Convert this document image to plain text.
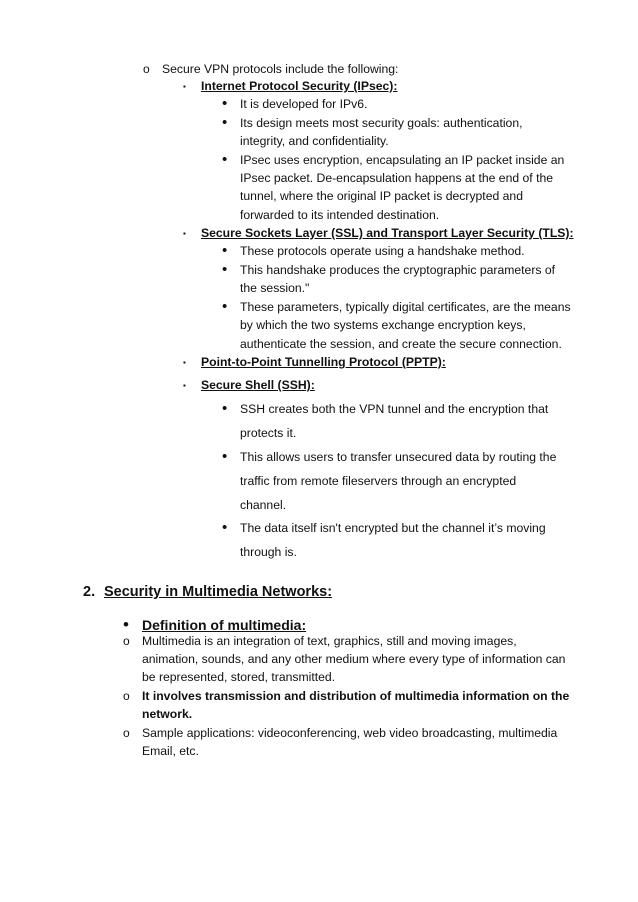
o Secure VPN protocols include the following:
▪ Internet Protocol Security (IPsec):
• It is developed for IPv6.
• Its design meets most security goals: authentication,
integrity, and confidentiality.
• IPsec uses encryption, encapsulating an IP packet inside an
IPsec packet. De-encapsulation happens at the end of the
tunnel, where the original IP packet is decrypted and
forwarded to its intended destination.
▪ Secure Sockets Layer (SSL) and Transport Layer Security (TLS):
• These protocols operate using a handshake method.
• This handshake produces the cryptographic parameters of
the session."
• These parameters, typically digital certificates, are the means
by which the two systems exchange encryption keys,
authenticate the session, and create the secure connection.
▪ Point-to-Point Tunnelling Protocol (PPTP):
▪ Secure Shell (SSH):
• SSH creates both the VPN tunnel and the encryption that
protects it.
• This allows users to transfer unsecured data by routing the
traffic from remote fileservers through an encrypted
channel.
• The data itself isn't encrypted but the channel it’s moving
through is.
2. Security in Multimedia Networks:
• Definition of multimedia:
o Multimedia is an integration of text, graphics, still and moving images,
animation, sounds, and any other medium where every type of information can
be represented, stored, transmitted.
o It involves transmission and distribution of multimedia information on the
network.
o Sample applications: videoconferencing, web video broadcasting, multimedia
Email, etc.
